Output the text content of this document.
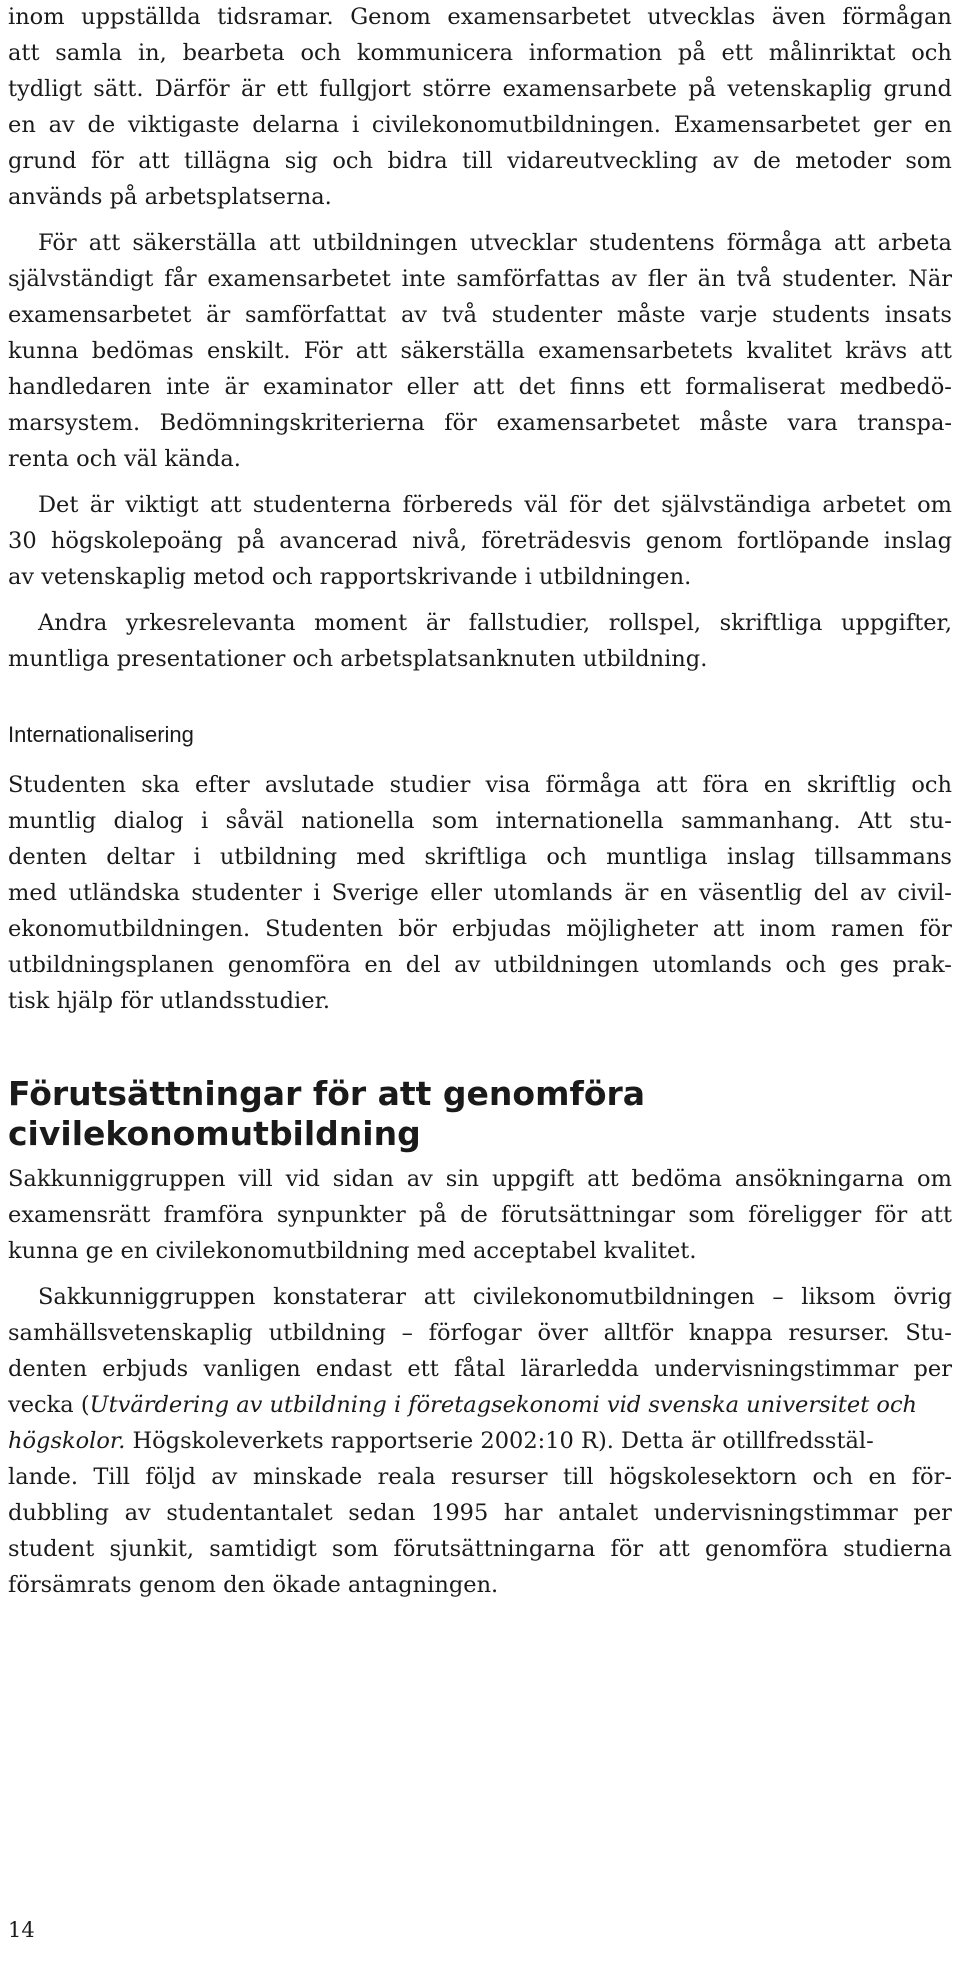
inom uppställda tidsramar. Genom examensarbetet utvecklas även förmågan
att samla in, bearbeta och kommunicera information på ett målinriktat och
tydligt sätt. Därför är ett fullgjort större examensarbete på vetenskaplig grund
en av de viktigaste delarna i civilekonomutbildningen. Examensarbetet ger en
grund för att tillägna sig och bidra till vidareutveckling av de metoder som
används på arbetsplatserna.
För att säkerställa att utbildningen utvecklar studentens förmåga att arbeta
självständigt får examensarbetet inte samförfattas av fler än två studenter. När
examensarbetet är samförfattat av två studenter måste varje students insats
kunna bedömas enskilt. För att säkerställa examensarbetets kvalitet krävs att
handledaren inte är examinator eller att det finns ett formaliserat medbedö-
marsystem. Bedömningskriterierna för examensarbetet måste vara transpa-
renta och väl kända.
Det är viktigt att studenterna förbereds väl för det självständiga arbetet om
30 högskolepoäng på avancerad nivå, företrädesvis genom fortlöpande inslag
av vetenskaplig metod och rapportskrivande i utbildningen.
Andra yrkesrelevanta moment är fallstudier, rollspel, skriftliga uppgifter,
muntliga presentationer och arbetsplatsanknuten utbildning.
Internationalisering
Studenten ska efter avslutade studier visa förmåga att föra en skriftlig och
muntlig dialog i såväl nationella som internationella sammanhang. Att stu-
denten deltar i utbildning med skriftliga och muntliga inslag tillsammans
med utländska studenter i Sverige eller utomlands är en väsentlig del av civil-
ekonomutbildningen. Studenten bör erbjudas möjligheter att inom ramen för
utbildningsplanen genomföra en del av utbildningen utomlands och ges prak-
tisk hjälp för utlandsstudier.
Förutsättningar för att genomföra
civilekonomutbildning
Sakkunniggruppen vill vid sidan av sin uppgift att bedöma ansökningarna om
examensrätt framföra synpunkter på de förutsättningar som föreligger för att
kunna ge en civilekonomutbildning med acceptabel kvalitet.
Sakkunniggruppen konstaterar att civilekonomutbildningen – liksom övrig
samhällsvetenskaplig utbildning – förfogar över alltför knappa resurser. Stu-
denten erbjuds vanligen endast ett fåtal lärarledda undervisningstimmar per
vecka (Utvärdering av utbildning i företagsekonomi vid svenska universitet och
högskolor. Högskoleverkets rapportserie 2002:10 R). Detta är otillfredsstäl-
lande. Till följd av minskade reala resurser till högskolesektorn och en för-
dubbling av studentantalet sedan 1995 har antalet undervisningstimmar per
student sjunkit, samtidigt som förutsättningarna för att genomföra studierna
försämrats genom den ökade antagningen.
14
